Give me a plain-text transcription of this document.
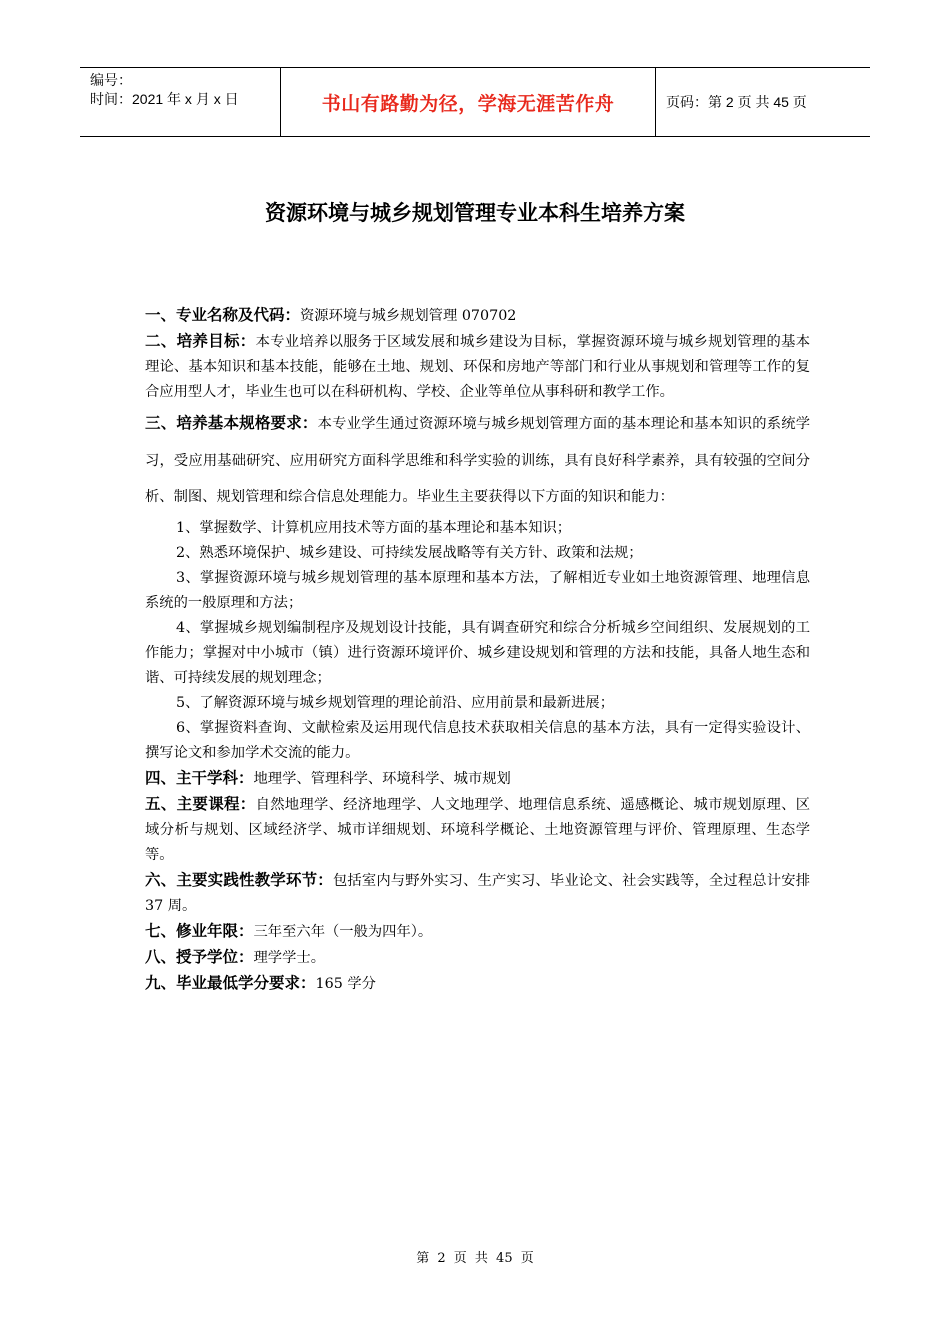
编号：
时间：2021 年 x 月 x 日	书山有路勤为径，学海无涯苦作舟	页码：第 2 页 共 45 页
资源环境与城乡规划管理专业本科生培养方案

一、专业名称及代码：资源环境与城乡规划管理 070702

二、培养目标：本专业培养以服务于区域发展和城乡建设为目标，掌握资源环境与城乡规划管理的基本理论、基本知识和基本技能，能够在土地、规划、环保和房地产等部门和行业从事规划和管理等工作的复合应用型人才，毕业生也可以在科研机构、学校、企业等单位从事科研和教学工作。

三、培养基本规格要求：本专业学生通过资源环境与城乡规划管理方面的基本理论和基本知识的系统学习，受应用基础研究、应用研究方面科学思维和科学实验的训练，具有良好科学素养，具有较强的空间分析、制图、规划管理和综合信息处理能力。毕业生主要获得以下方面的知识和能力：

1、掌握数学、计算机应用技术等方面的基本理论和基本知识；

2、熟悉环境保护、城乡建设、可持续发展战略等有关方针、政策和法规；

3、掌握资源环境与城乡规划管理的基本原理和基本方法，了解相近专业如土地资源管理、地理信息系统的一般原理和方法；

4、掌握城乡规划编制程序及规划设计技能，具有调查研究和综合分析城乡空间组织、发展规划的工作能力；掌握对中小城市（镇）进行资源环境评价、城乡建设规划和管理的方法和技能，具备人地生态和谐、可持续发展的规划理念；

5、了解资源环境与城乡规划管理的理论前沿、应用前景和最新进展；

6、掌握资料查询、文献检索及运用现代信息技术获取相关信息的基本方法，具有一定得实验设计、撰写论文和参加学术交流的能力。

四、主干学科：地理学、管理科学、环境科学、城市规划

五、主要课程：自然地理学、经济地理学、人文地理学、地理信息系统、遥感概论、城市规划原理、区域分析与规划、区域经济学、城市详细规划、环境科学概论、土地资源管理与评价、管理原理、生态学等。

六、主要实践性教学环节：包括室内与野外实习、生产实习、毕业论文、社会实践等，全过程总计安排 37 周。

七、修业年限：三年至六年（一般为四年）。

八、授予学位：理学学士。

九、毕业最低学分要求：165 学分

第 2 页 共 45 页
